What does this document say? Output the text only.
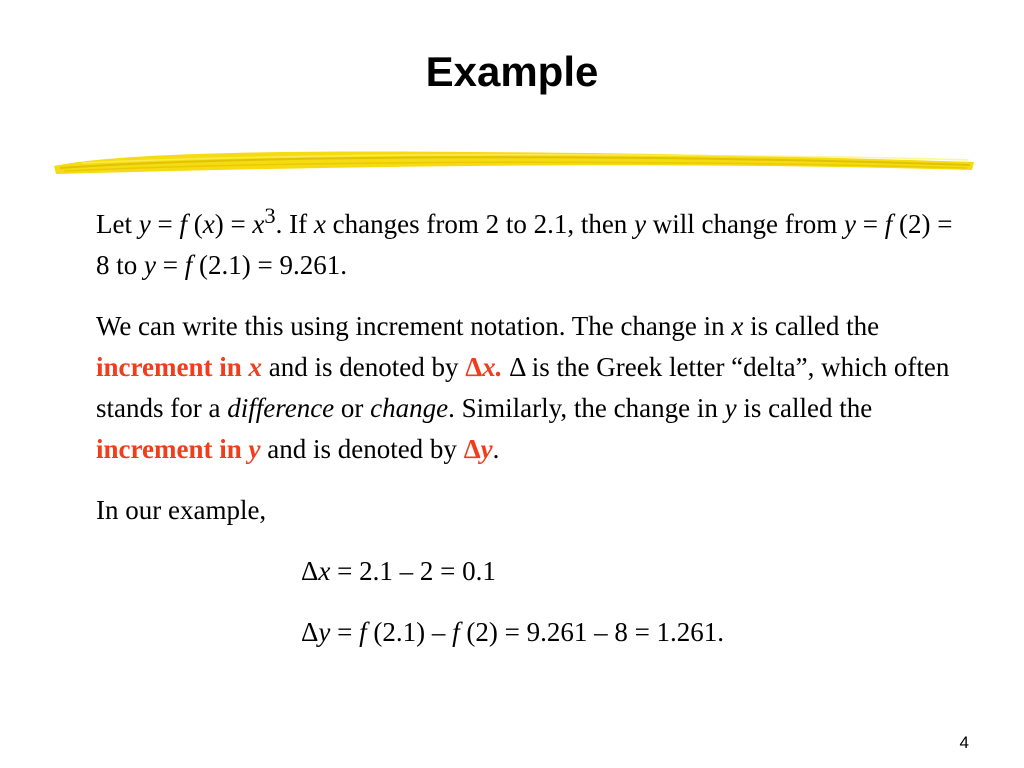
Example

Let y = f $(x) = x^3$. If x changes from 2 to 2.1, then y will change from y = f (2) = 8 to y = f (2.1) = 9.261.

We can write this using increment notation. The change in x is called the increment in x and is denoted by Δx. Δ is the Greek letter “delta”, which often stands for a difference or change. Similarly, the change in y is called the increment in y and is denoted by Δy.

In our example,

Δx = 2.1 – 2 = 0.1
Δy = f (2.1) – f (2) = 9.261 – 8 = 1.261.
4
